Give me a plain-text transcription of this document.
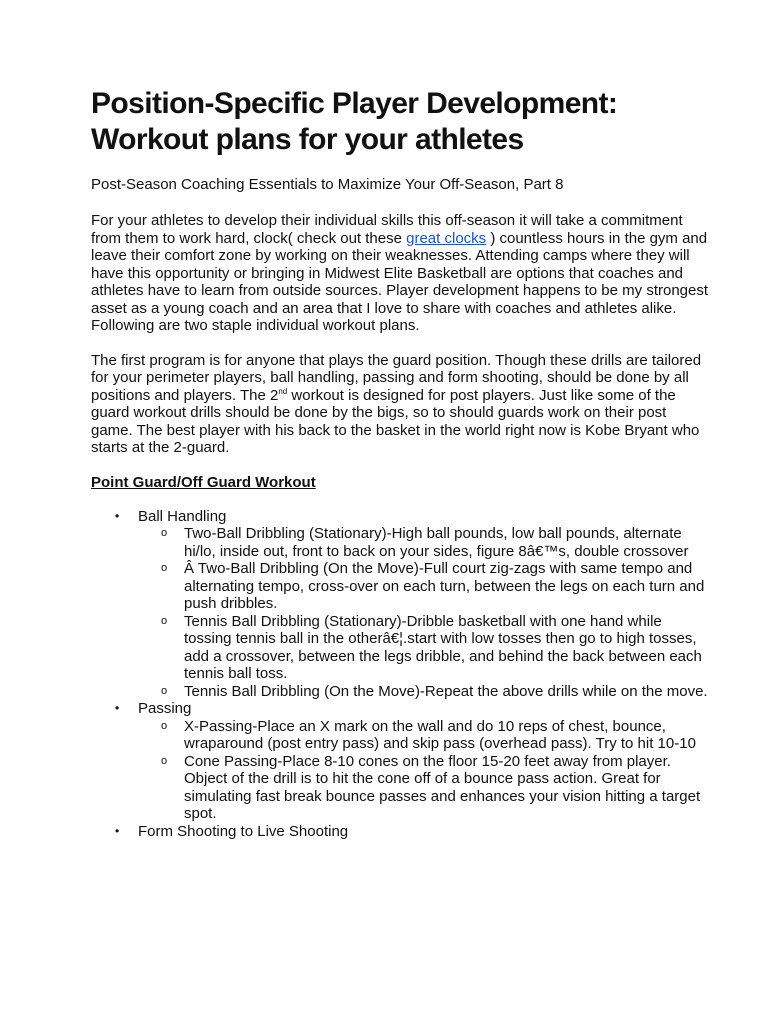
Position-Specific Player Development:
Workout plans for your athletes
Post-Season Coaching Essentials to Maximize Your Off-Season, Part 8

For your athletes to develop their individual skills this off-season it will take a commitment from them to work hard, clock( check out these great clocks ) countless hours in the gym and leave their comfort zone by working on their weaknesses. Attending camps where they will have this opportunity or bringing in Midwest Elite Basketball are options that coaches and athletes have to learn from outside sources. Player development happens to be my strongest asset as a young coach and an area that I love to share with coaches and athletes alike. Following are two staple individual workout plans.

The first program is for anyone that plays the guard position. Though these drills are tailored for your perimeter players, ball handling, passing and form shooting, should be done by all positions and players. The 2nd workout is designed for post players. Just like some of the guard workout drills should be done by the bigs, so to should guards work on their post game. The best player with his back to the basket in the world right now is Kobe Bryant who starts at the 2-guard.

Point Guard/Off Guard Workout
• Ball Handling
o Two-Ball Dribbling (Stationary)-High ball pounds, low ball pounds, alternate hi/lo, inside out, front to back on your sides, figure 8â€™s, double crossover
o Â Two-Ball Dribbling (On the Move)-Full court zig-zags with same tempo and alternating tempo, cross-over on each turn, between the legs on each turn and push dribbles.
o Tennis Ball Dribbling (Stationary)-Dribble basketball with one hand while tossing tennis ball in the otherâ€¦.start with low tosses then go to high tosses, add a crossover, between the legs dribble, and behind the back between each tennis ball toss.
o Tennis Ball Dribbling (On the Move)-Repeat the above drills while on the move.
• Passing
o X-Passing-Place an X mark on the wall and do 10 reps of chest, bounce, wraparound (post entry pass) and skip pass (overhead pass). Try to hit 10-10
o Cone Passing-Place 8-10 cones on the floor 15-20 feet away from player. Object of the drill is to hit the cone off of a bounce pass action. Great for simulating fast break bounce passes and enhances your vision hitting a target spot.
• Form Shooting to Live Shooting
